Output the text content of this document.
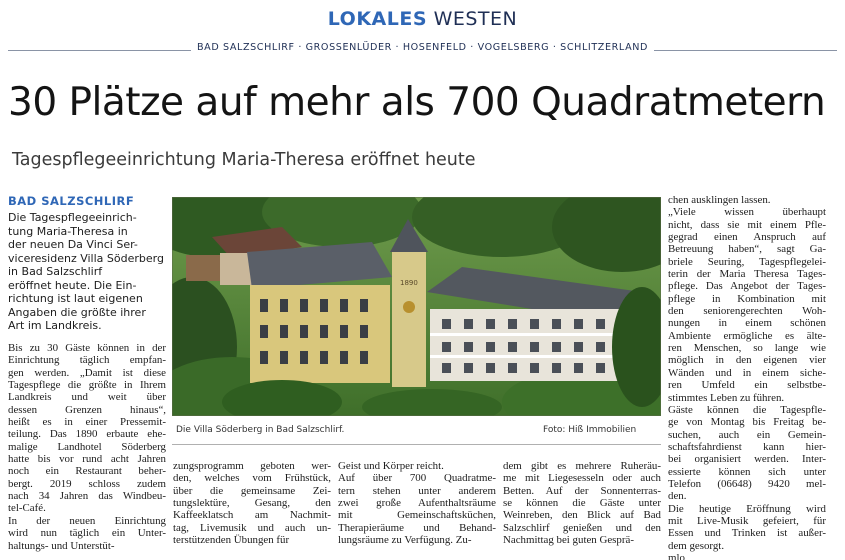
LOKALES WESTEN
BAD SALZSCHLIRF · GROSSENLÜDER · HOSENFELD · VOGELSBERG · SCHLITZERLAND
30 Plätze auf mehr als 700 Quadratmetern
Tagespflegeeinrichtung Maria-Theresa eröffnet heute
BAD SALZSCHLIRF
Die Tagespflegeeinrich-
tung Maria-Theresa in
der neuen Da Vinci Ser-
viceresidenz Villa Söderberg
in Bad Salzschlirf
eröffnet heute. Die Ein-
richtung ist laut eigenen
Angaben die größte ihrer
Art im Landkreis.
Bis zu 30 Gäste können in der
Einrichtung täglich empfan-
gen werden. „Damit ist diese
Tagespflege die größte in Ihrem
Landkreis und weit über
dessen Grenzen hinaus“,
heißt es in einer Pressemit-
teilung. Das 1890 erbaute ehe-
malige Landhotel Söderberg
hatte bis vor rund acht Jahren
noch ein Restaurant beher-
bergt. 2019 schloss zudem
nach 34 Jahren das Windbeu-
tel-Café.
In der neuen Einrichtung
wird nun täglich ein Unter-
haltungs- und Unterstüt-
zungsprogramm geboten wer-
den, welches vom Frühstück,
über die gemeinsame Zei-
tungslektüre, Gesang, den
Kaffeeklatsch am Nachmit-
tag, Livemusik und auch un-
terstützenden Übungen für
Geist und Körper reicht.
Auf über 700 Quadratme-
tern stehen unter anderem
zwei große Aufenthaltsräume
mit Gemeinschaftsküchen,
Therapieräume und Behand-
lungsräume zu Verfügung. Zu-
dem gibt es mehrere Ruheräu-
me mit Liegesesseln oder auch
Betten. Auf der Sonnenterras-
se können die Gäste unter
Weinreben, den Blick auf Bad
Salzschlirf genießen und den
Nachmittag bei guten Gesprä-
chen ausklingen lassen.
„Viele wissen überhaupt
nicht, dass sie mit einem Pfle-
gegrad einen Anspruch auf
Betreuung haben“, sagt Ga-
briele Seuring, Tagespflegelei-
terin der Maria Theresa Tages-
pflege. Das Angebot der Tages-
pflege in Kombination mit
den seniorengerechten Woh-
nungen in einem schönen
Ambiente ermögliche es älte-
ren Menschen, so lange wie
möglich in den eigenen vier
Wänden und in einem siche-
ren Umfeld ein selbstbe-
stimmtes Leben zu führen.
Gäste können die Tagespfle-
ge von Montag bis Freitag be-
suchen, auch ein Gemein-
schaftsfahrdienst kann hier-
bei organisiert werden. Inter-
essierte können sich unter
Telefon (06648) 9420 mel-
den.
Die heutige Eröffnung wird
mit Live-Musik gefeiert, für
Essen und Trinken ist außer-
dem gesorgt.
mlo
1890
Die Villa Söderberg in Bad Salzschlirf.	Foto: Hiß Immobilien
